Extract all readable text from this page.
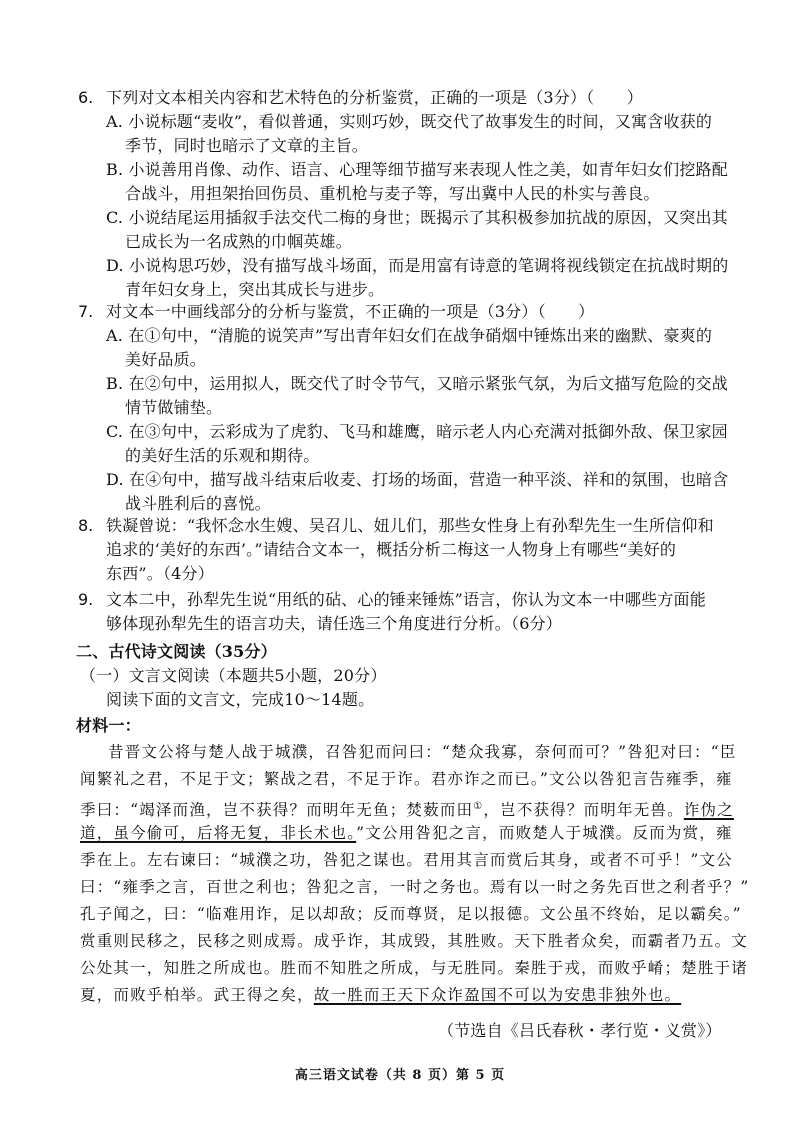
6. 下列对文本相关内容和艺术特色的分析鉴赏，正确的一项是（3分）（　　）
A. 小说标题“麦收”，看似普通，实则巧妙，既交代了故事发生的时间，又寓含收获的
季节，同时也暗示了文章的主旨。
B. 小说善用肖像、动作、语言、心理等细节描写来表现人性之美，如青年妇女们挖路配
合战斗，用担架抬回伤员、重机枪与麦子等，写出冀中人民的朴实与善良。
C. 小说结尾运用插叙手法交代二梅的身世；既揭示了其积极参加抗战的原因，又突出其
已成长为一名成熟的巾帼英雄。
D. 小说构思巧妙，没有描写战斗场面，而是用富有诗意的笔调将视线锁定在抗战时期的
青年妇女身上，突出其成长与进步。
7. 对文本一中画线部分的分析与鉴赏，不正确的一项是（3分）（　　）
A. 在①句中，“清脆的说笑声”写出青年妇女们在战争硝烟中锤炼出来的幽默、豪爽的
美好品质。
B. 在②句中，运用拟人，既交代了时令节气，又暗示紧张气氛，为后文描写危险的交战
情节做铺垫。
C. 在③句中，云彩成为了虎豹、飞马和雄鹰，暗示老人内心充满对抵御外敌、保卫家园
的美好生活的乐观和期待。
D. 在④句中，描写战斗结束后收麦、打场的场面，营造一种平淡、祥和的氛围，也暗含
战斗胜利后的喜悦。
8. 铁凝曾说：“我怀念水生嫂、吴召儿、妞儿们，那些女性身上有孙犁先生一生所信仰和
追求的‘美好的东西’。”请结合文本一，概括分析二梅这一人物身上有哪些“美好的
东西”。（4分）
9. 文本二中，孙犁先生说“用纸的砧、心的锤来锤炼”语言，你认为文本一中哪些方面能
够体现孙犁先生的语言功夫，请任选三个角度进行分析。（6分）
二、古代诗文阅读（35分）
（一）文言文阅读（本题共5小题，20分）
阅读下面的文言文，完成10～14题。
材料一：
昔晋文公将与楚人战于城濮，召咎犯而问曰：“楚众我寡，奈何而可？”咎犯对曰：“臣
闻繁礼之君，不足于文；繁战之君，不足于诈。君亦诈之而已。”文公以咎犯言告雍季，雍
季曰：“竭泽而渔，岂不获得？而明年无鱼；焚薮而田①，岂不获得？而明年无兽。诈伪之
道，虽今偷可，后将无复，非长术也。”文公用咎犯之言，而败楚人于城濮。反而为赏，雍
季在上。左右谏曰：“城濮之功，咎犯之谋也。君用其言而赏后其身，或者不可乎！”文公
曰：“雍季之言，百世之利也；咎犯之言，一时之务也。焉有以一时之务先百世之利者乎？”
孔子闻之，曰：“临难用诈，足以却敌；反而尊贤，足以报德。文公虽不终始，足以霸矣。”
赏重则民移之，民移之则成焉。成乎诈，其成毁，其胜败。天下胜者众矣，而霸者乃五。文
公处其一，知胜之所成也。胜而不知胜之所成，与无胜同。秦胜于戎，而败乎崤；楚胜于诸
夏，而败乎柏举。武王得之矣，故一胜而王天下众诈盈国不可以为安患非独外也。
（节选自《吕氏春秋・孝行览・义赏》）
高三语文试卷（共 8 页）第 5 页
